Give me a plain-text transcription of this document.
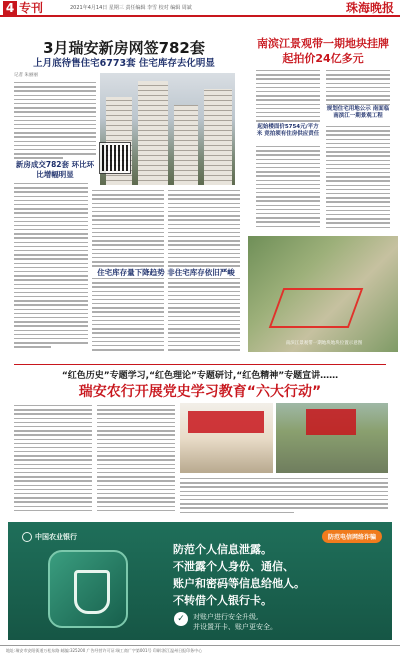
4 专刊	2021年4月14日 星期三 责任编辑 李雪 校对 编辑 周斌	珠海晚报
3月瑞安新房网签782套
上月底待售住宅6773套 住宅库存去化明显
记者 朱丽丽
新房成交782套 环比环比增幅明显
住宅库存量下降趋势 非住宅库存依旧严峻
南滨江景观带一期地块挂牌
起拍价24亿多元
起始楼面价5754元/平方米 竞拍须有住房供应责任
规划住宅用地公示 南面临南滨江一期景观工程
南滨江景观带一期地块地块位置示意图
“红色历史”专题学习,“红色理论”专题研讨,“红色精神”专题宣讲……
瑞安农行开展党史学习教育“六大行动”
中国农业银行	防范电信网络诈骗
防范个人信息泄露。
不泄露个人身份、通信、
账户和密码等信息给他人。
不转借个人银行卡。
✓	对账户进行安全升级,
并设置开卡、账户更安全。
地址:瑞安市安阳街道万松东路 邮编:325200 广告经营许可证:瑞工商广字第001号 印刷:浙江温州日报印务中心
